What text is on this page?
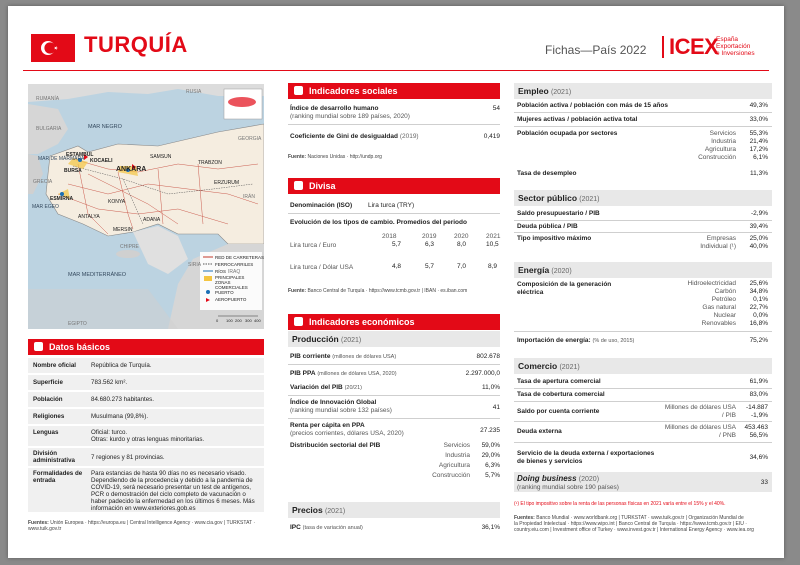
TURQUÍA	Fichas—País 2022 ICEX
España
Exportación
e Inversiones
RUMANÍA
BULGARIA
GEORGIA
IRÁN
IRAQ
SIRIA
CHIPRE
EGIPTO
GRECIA
RUSIA
MAR NEGRO
MAR MEDITERRÁNEO
MAR DE MÁRMARA
MAR EGEO
ESTAMBUL
KOCAELI
BURSA	ANKARA
SAMSUN
TRABZON
ERZURUM
ESMIRNA
ANTALYA
MERSIN
ADANA
KONYA
RED DE CARRETERAS
FERROCARRILES
RÍOS
PRINCIPALES ZONAS COMERCIALES
PUERTO
AEROPUERTO
0 100 200 300 400
Datos básicos
Nombre oficial República de Turquía.
Superficie	783.562 km².
Población	84.680.273 habitantes.
Religiones	Musulmana (99,8%).
Lenguas	Oficial: turco.
Otras: kurdo y otras lenguas minoritarias.
División administrativa	7 regiones y 81 provincias.
Formalidades de entrada
Para estancias de hasta 90 días no es necesario visado.
Dependiendo de la procedencia y debido a la pandemia de
COVID-19, será necesario presentar un test de antígenos,
PCR o demostración del ciclo completo de vacunación o
haber padecido la enfermedad en los últimos 6 meses. Más
información en www.exteriores.gob.es
Fuentes: Unión Europea · https://europa.eu | Central Intelligence Agency · www.cia.gov | TURKSTAT · www.tuik.gov.tr
Indicadores sociales
Índice de desarrollo humano
(ranking mundial sobre 189 países, 2020)
54
Coeficiente de Gini de desigualdad (2019)	0,419
Fuente: Naciones Unidas · http://undp.org
Divisa
Denominación (ISO) Lira turca (TRY)
Evolución de los tipos de cambio. Promedios del periodo
2018	2019	2020	2021
Lira turca / Euro	5,7	6,3	8,0	10,5
Lira turca / Dólar USA	4,8	5,7	7,0	8,9
Fuente: Banco Central de Turquía · https://www.tcmb.gov.tr | IBAN · es.iban.com
Indicadores económicos
Producción (2021)
PIB corriente (millones de dólares USA)	802.678
PIB PPA (millones de dólares USA, 2020)	2.297.000,0
Variación del PIB (20/21)	11,0%
Índice de Innovación Global
(ranking mundial sobre 132 países)	41
Renta per cápita en PPA
(precios corrientes, dólares USA, 2020)	27.235
Distribución sectorial del PIB	Servicios	59,0%
Industria	29,0%
Agricultura	6,3%
Construcción	5,7%
Precios (2021)
IPC (tasa de variación anual)	36,1%
Empleo (2021)
Población activa / población con más de 15 años	49,3%
Mujeres activas / población activa total	33,0%
Población ocupada por sectores	Servicios	55,3%
Industria	21,4%
Agricultura	17,2%
Construcción	6,1%
Tasa de desempleo	11,3%
Sector público (2021)
Saldo presupuestario / PIB	-2,9%
Deuda pública / PIB	39,4%
Tipo impositivo máximo	Empresas	25,0%
Individual (¹)	40,0%
Energía (2020)
Composición de la generación eléctrica
Hidroelectricidad	25,6%
Carbón	34,8%
Petróleo	0,1%
Gas natural	22,7%
Nuclear	0,0%
Renovables	16,8%
Importación de energía: (% de uso, 2015)	75,2%
Comercio (2021)
Tasa de apertura comercial	61,9%
Tasa de cobertura comercial	83,0%
Saldo por cuenta corriente
Millones de dólares USA	-14.887
/ PIB	-1,9%
Deuda externa
Millones de dólares USA	453.463
/ PNB	56,5%
Servicio de la deuda externa / exportaciones
de bienes y servicios	34,6%
Doing business (2020)
(ranking mundial sobre 190 países)
33
(¹) El tipo impositivo sobre la renta de las personas físicas en 2021 varía entre el 15% y el 40%.
Fuentes: Banco Mundial · www.worldbank.org | TURKSTAT · www.tuik.gov.tr | Organización Mundial de
la Propiedad Intelectual · https://www.wipo.int | Banco Central de Turquía · https://www.tcmb.gov.tr | EIU ·
country.eiu.com | Investment office of Turkey · www.invest.gov.tr | International Energy Agency · www.iea.org
